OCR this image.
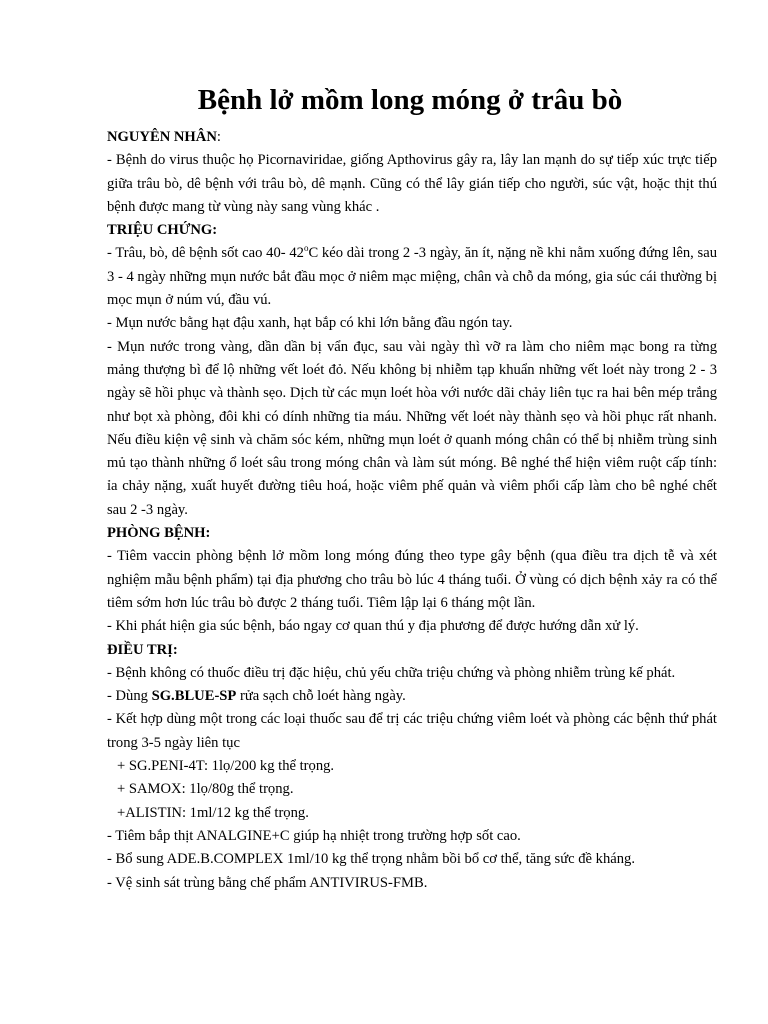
Bệnh lở mồm long móng ở trâu bò

NGUYÊN NHÂN:

- Bệnh do virus thuộc họ Picornaviridae, giống Apthovirus gây ra, lây lan mạnh do sự tiếp xúc trực tiếp giữa trâu bò, dê bệnh với trâu bò, dê mạnh. Cũng có thể lây gián tiếp cho người, súc vật, hoặc thịt thú bệnh được mang từ vùng này sang vùng khác .

TRIỆU CHỨNG:

- Trâu, bò, dê bệnh sốt cao 40- 42$^o$C kéo dài trong 2 -3 ngày, ăn ít, nặng nề khi nằm xuống đứng lên, sau 3 - 4 ngày những mụn nước bắt đầu mọc ở niêm mạc miệng, chân và chỗ da móng, gia súc cái thường bị mọc mụn ở núm vú, đầu vú.

- Mụn nước bằng hạt đậu xanh, hạt bắp có khi lớn bằng đầu ngón tay.

- Mụn nước trong vàng, dần dần bị vẩn đục, sau vài ngày thì vỡ ra làm cho niêm mạc bong ra từng mảng thượng bì để lộ những vết loét đỏ. Nếu không bị nhiễm tạp khuẩn những vết loét này trong 2 - 3 ngày sẽ hồi phục và thành sẹo. Dịch từ các mụn loét hòa với nước dãi chảy liên tục ra hai bên mép trắng như bọt xà phòng, đôi khi có dính những tia máu. Những vết loét này thành sẹo và hồi phục rất nhanh. Nếu điều kiện vệ sinh và chăm sóc kém, những mụn loét ở quanh móng chân có thể bị nhiễm trùng sinh mủ tạo thành những ổ loét sâu trong móng chân và làm sút móng. Bê nghé thể hiện viêm ruột cấp tính: ỉa chảy nặng, xuất huyết đường tiêu hoá, hoặc viêm phế quản và viêm phổi cấp làm cho bê nghé chết sau 2 -3 ngày.

PHÒNG BỆNH:

- Tiêm vaccin phòng bệnh lở mồm long móng đúng theo type gây bệnh (qua điều tra dịch tễ và xét nghiệm mẫu bệnh phẩm) tại địa phương cho trâu bò lúc 4 tháng tuổi. Ở vùng có dịch bệnh xảy ra có thể tiêm sớm hơn lúc trâu bò được 2 tháng tuổi. Tiêm lập lại 6 tháng một lần.

- Khi phát hiện gia súc bệnh, báo ngay cơ quan thú y địa phương để được hướng dẫn xử lý.

ĐIỀU TRỊ:

- Bệnh không có thuốc điều trị đặc hiệu, chủ yếu chữa triệu chứng và phòng nhiễm trùng kế phát.

- Dùng SG.BLUE-SP rửa sạch chỗ loét hàng ngày.

- Kết hợp dùng một trong các loại thuốc sau để trị các triệu chứng viêm loét và phòng các bệnh thứ phát trong 3-5 ngày liên tục

+ SG.PENI-4T: 1lọ/200 kg thể trọng.

+ SAMOX: 1lọ/80g thể trọng.

+ALISTIN: 1ml/12 kg thể trọng.

- Tiêm bắp thịt ANALGINE+C giúp hạ nhiệt trong trường hợp sốt cao.

- Bổ sung ADE.B.COMPLEX 1ml/10 kg thể trọng nhằm bồi bổ cơ thể, tăng sức đề kháng.

- Vệ sinh sát trùng bằng chế phẩm ANTIVIRUS-FMB.
